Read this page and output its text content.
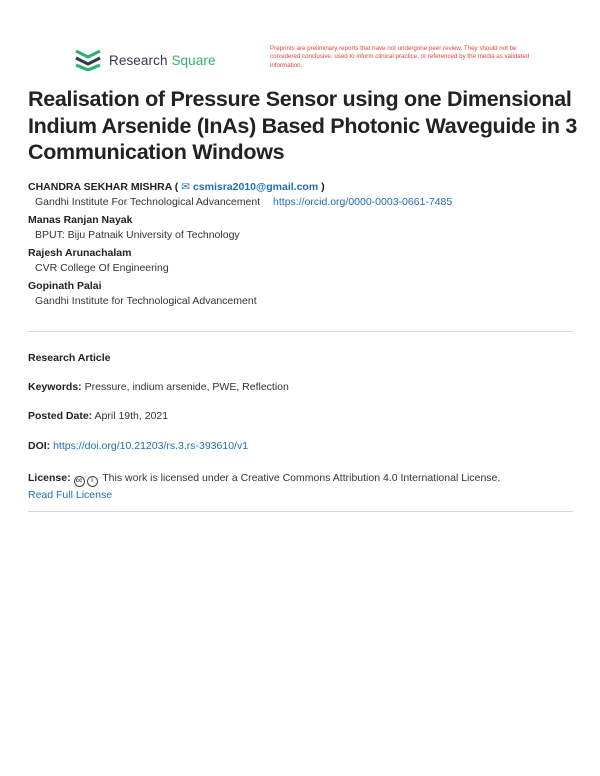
Research Square
Preprints are preliminary reports that have not undergone peer review. They should not be considered conclusive, used to inform clinical practice, or referenced by the media as validated information.
Realisation of Pressure Sensor using one Dimensional Indium Arsenide (InAs) Based Photonic Waveguide in 3 Communication Windows
CHANDRA SEKHAR MISHRA ( ✉ csmisra2010@gmail.com )
Gandhi Institute For Technological Advancement https://orcid.org/0000-0003-0661-7485
Manas Ranjan Nayak
BPUT: Biju Patnaik University of Technology
Rajesh Arunachalam
CVR College Of Engineering
Gopinath Palai
Gandhi Institute for Technological Advancement
Research Article
Keywords: Pressure, indium arsenide, PWE, Reflection
Posted Date: April 19th, 2021
DOI: https://doi.org/10.21203/rs.3.rs-393610/v1
License: cc i This work is licensed under a Creative Commons Attribution 4.0 International License.
Read Full License
